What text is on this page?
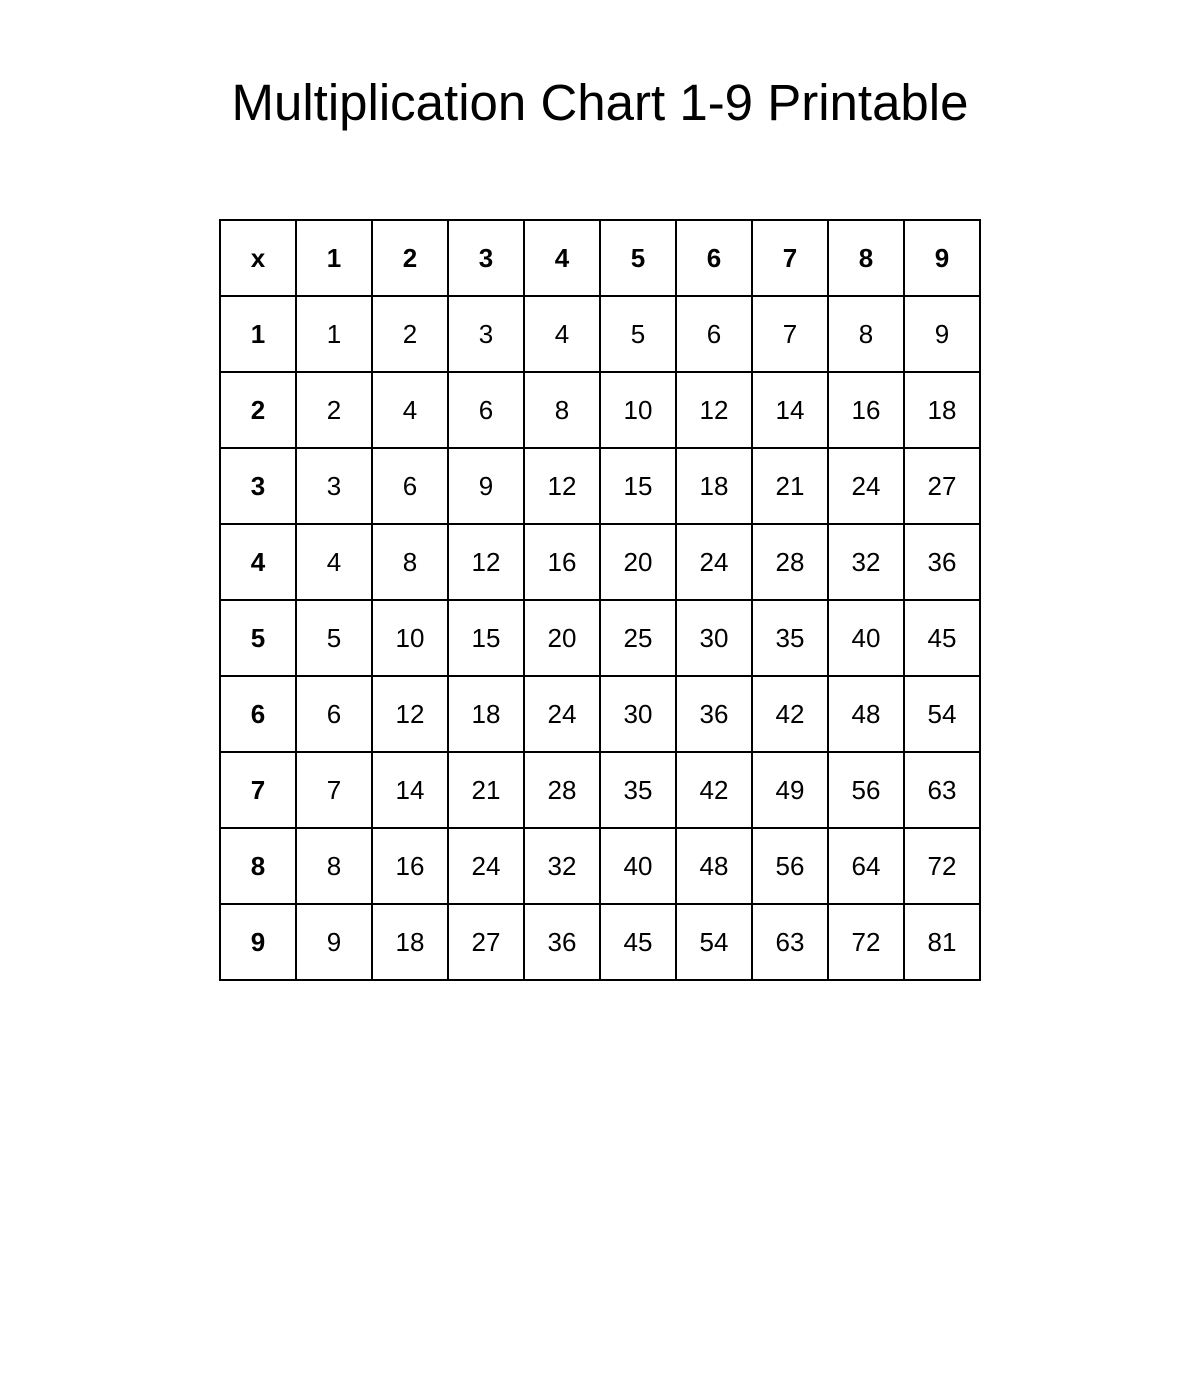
Multiplication Chart 1-9 Printable
x	1	2	3	4	5	6	7	8	9
1	1	2	3	4	5	6	7	8	9
2	2	4	6	8	10	12	14	16	18
3	3	6	9	12	15	18	21	24	27
4	4	8	12	16	20	24	28	32	36
5	5	10	15	20	25	30	35	40	45
6	6	12	18	24	30	36	42	48	54
7	7	14	21	28	35	42	49	56	63
8	8	16	24	32	40	48	56	64	72
9	9	18	27	36	45	54	63	72	81
